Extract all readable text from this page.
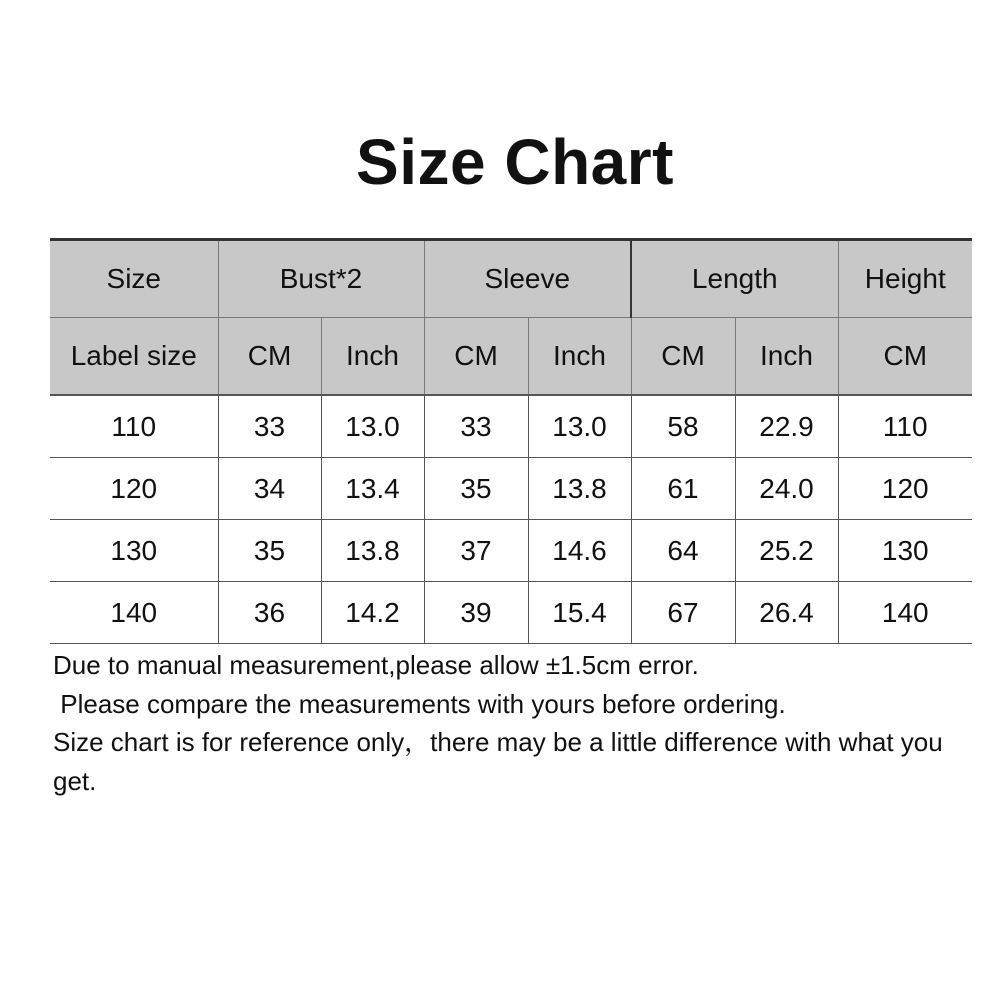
Size Chart
Size	Bust*2		Sleeve		Length		Height
Label size	CM	Inch	CM	Inch	CM	Inch	CM
110	33	13.0	33	13.0	58	22.9	110
120	34	13.4	35	13.8	61	24.0	120
130	35	13.8	37	14.6	64	25.2	130
140	36	14.2	39	15.4	67	26.4	140
Due to manual measurement,please allow ±1.5cm error.
Please compare the measurements with yours before ordering.
Size chart is for reference only，there may be a little difference with what you get.
